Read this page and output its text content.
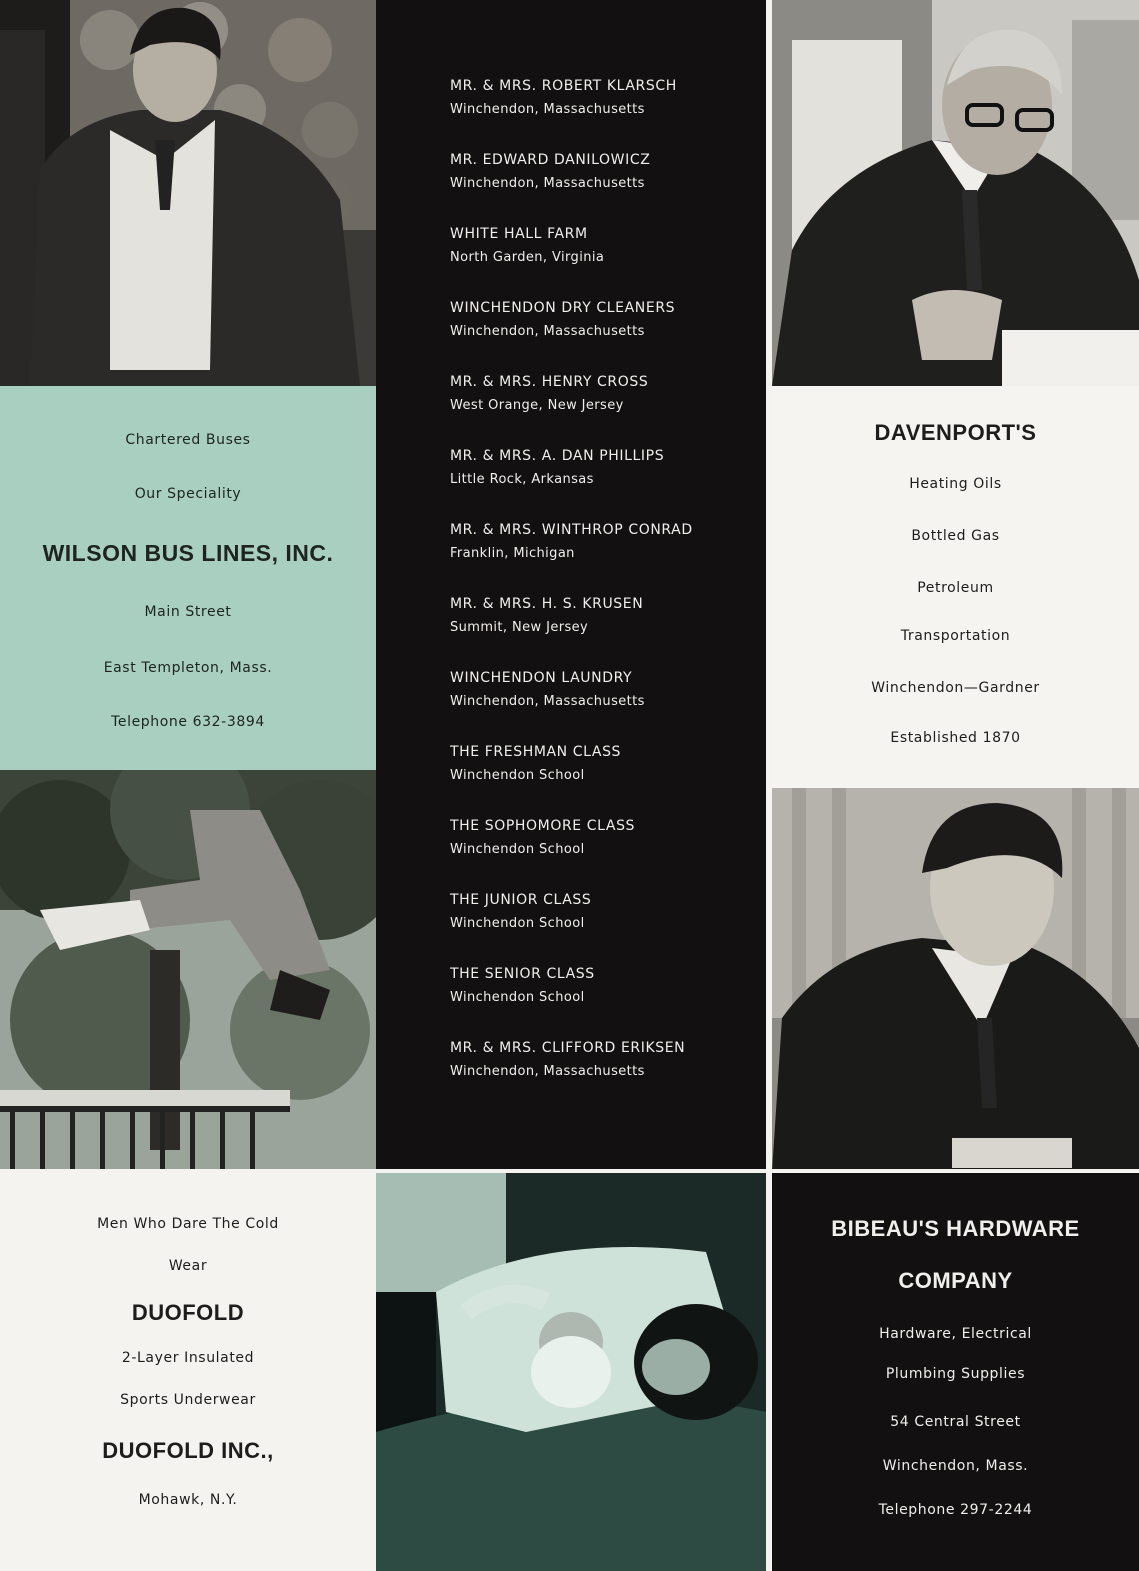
Chartered Buses
Our Speciality
WILSON BUS LINES, INC.
Main Street
East Templeton, Mass.
Telephone 632-3894
Men Who Dare The Cold
Wear
DUOFOLD
2-Layer Insulated
Sports Underwear
DUOFOLD INC.,
Mohawk, N.Y.
MR. & MRS. ROBERT KLARSCH
Winchendon, Massachusetts
MR. EDWARD DANILOWICZ
Winchendon, Massachusetts
WHITE HALL FARM
North Garden, Virginia
WINCHENDON DRY CLEANERS
Winchendon, Massachusetts
MR. & MRS. HENRY CROSS
West Orange, New Jersey
MR. & MRS. A. DAN PHILLIPS
Little Rock, Arkansas
MR. & MRS. WINTHROP CONRAD
Franklin, Michigan
MR. & MRS. H. S. KRUSEN
Summit, New Jersey
WINCHENDON LAUNDRY
Winchendon, Massachusetts
THE FRESHMAN CLASS
Winchendon School
THE SOPHOMORE CLASS
Winchendon School
THE JUNIOR CLASS
Winchendon School
THE SENIOR CLASS
Winchendon School
MR. & MRS. CLIFFORD ERIKSEN
Winchendon, Massachusetts
DAVENPORT'S
Heating Oils
Bottled Gas
Petroleum
Transportation
Winchendon—Gardner
Established 1870
BIBEAU'S HARDWARE
COMPANY
Hardware, Electrical
Plumbing Supplies
54 Central Street
Winchendon, Mass.
Telephone 297-2244
